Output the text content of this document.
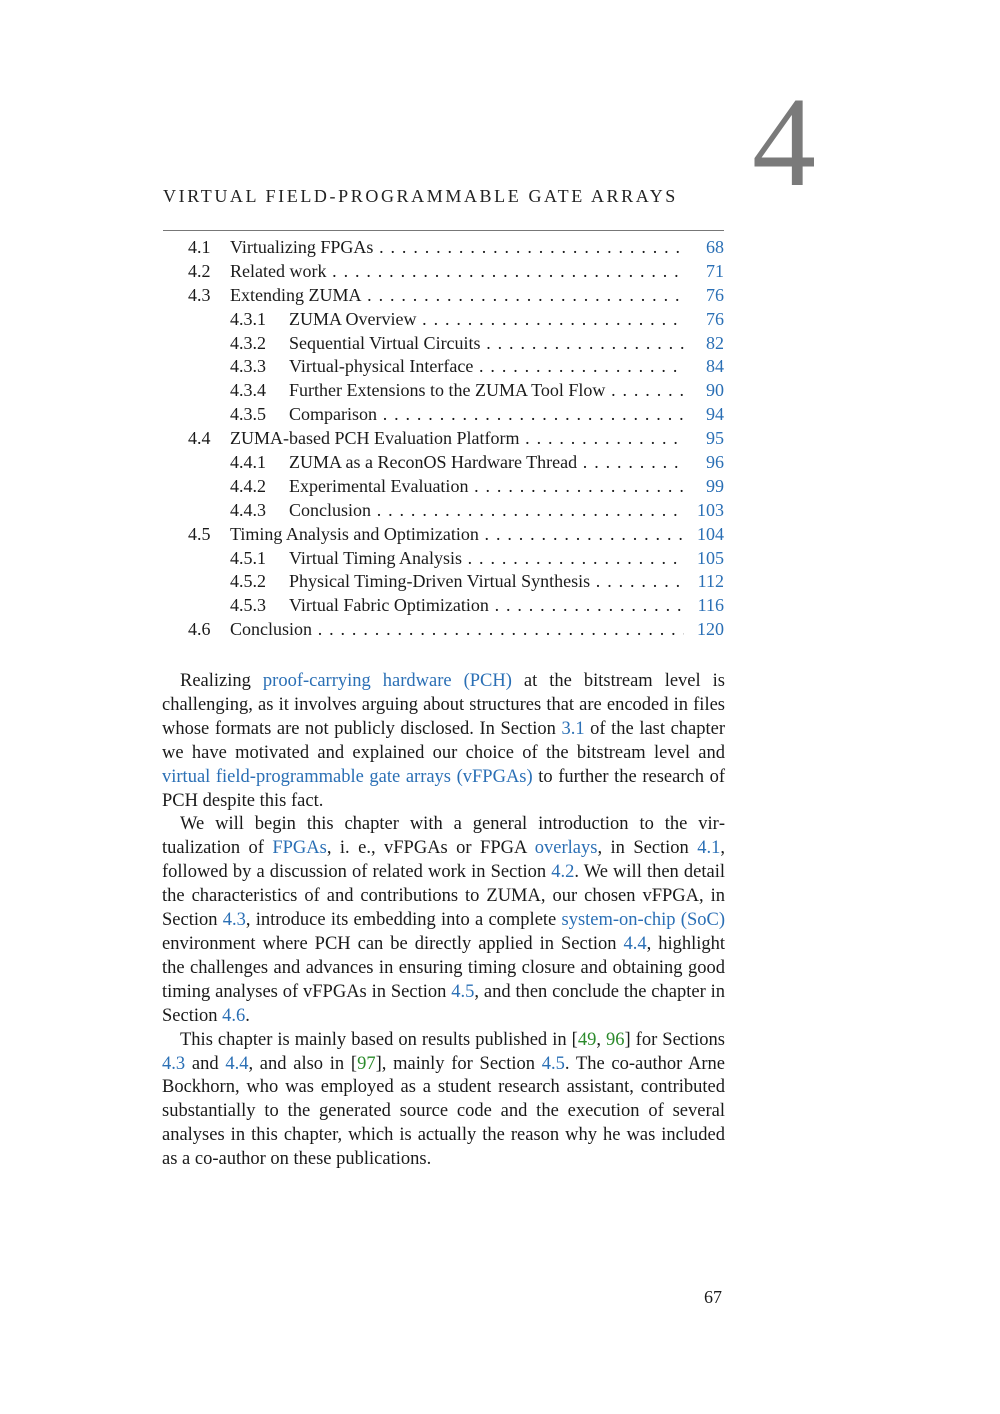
4
VIRTUAL FIELD-PROGRAMMABLE GATE ARRAYS
4.1 Virtualizing FPGAs . . .	68
4.2 Related work . . .	71
4.3 Extending ZUMA . . .	76
4.3.1 ZUMA Overview . . .	76
4.3.2 Sequential Virtual Circuits . . .	82
4.3.3 Virtual-physical Interface . . .	84
4.3.4 Further Extensions to the ZUMA Tool Flow . . .	90
4.3.5 Comparison . . .	94
4.4 ZUMA-based PCH Evaluation Platform . . .	95
4.4.1 ZUMA as a ReconOS Hardware Thread . . .	96
4.4.2 Experimental Evaluation . . .	99
4.4.3 Conclusion . . .	103
4.5 Timing Analysis and Optimization . . .	104
4.5.1 Virtual Timing Analysis . . .	105
4.5.2 Physical Timing-Driven Virtual Synthesis . . .	112
4.5.3 Virtual Fabric Optimization . . .	116
4.6 Conclusion . . .	120

Realizing proof-carrying hardware (PCH) at the bitstream level is challenging, as it involves arguing about structures that are encoded in files whose formats are not publicly disclosed. In Section 3.1 of the last chapter we have motivated and explained our choice of the bitstream level and virtual field-programmable gate arrays (vFPGAs) to further the research of PCH despite this fact.

We will begin this chapter with a general introduction to the virtualization of FPGAs, i. e., vFPGAs or FPGA overlays, in Section 4.1, followed by a discussion of related work in Section 4.2. We will then detail the characteristics of and contributions to ZUMA, our chosen vFPGA, in Section 4.3, introduce its embedding into a complete system-on-chip (SoC) environment where PCH can be directly applied in Section 4.4, highlight the challenges and advances in ensuring timing closure and obtaining good timing analyses of vFPGAs in Section 4.5, and then conclude the chapter in Section 4.6.

This chapter is mainly based on results published in [49, 96] for Sections 4.3 and 4.4, and also in [97], mainly for Section 4.5. The co-author Arne Bockhorn, who was employed as a student research assistant, contributed substantially to the generated source code and the execution of several analyses in this chapter, which is actually the reason why he was included as a co-author on these publications.

67
